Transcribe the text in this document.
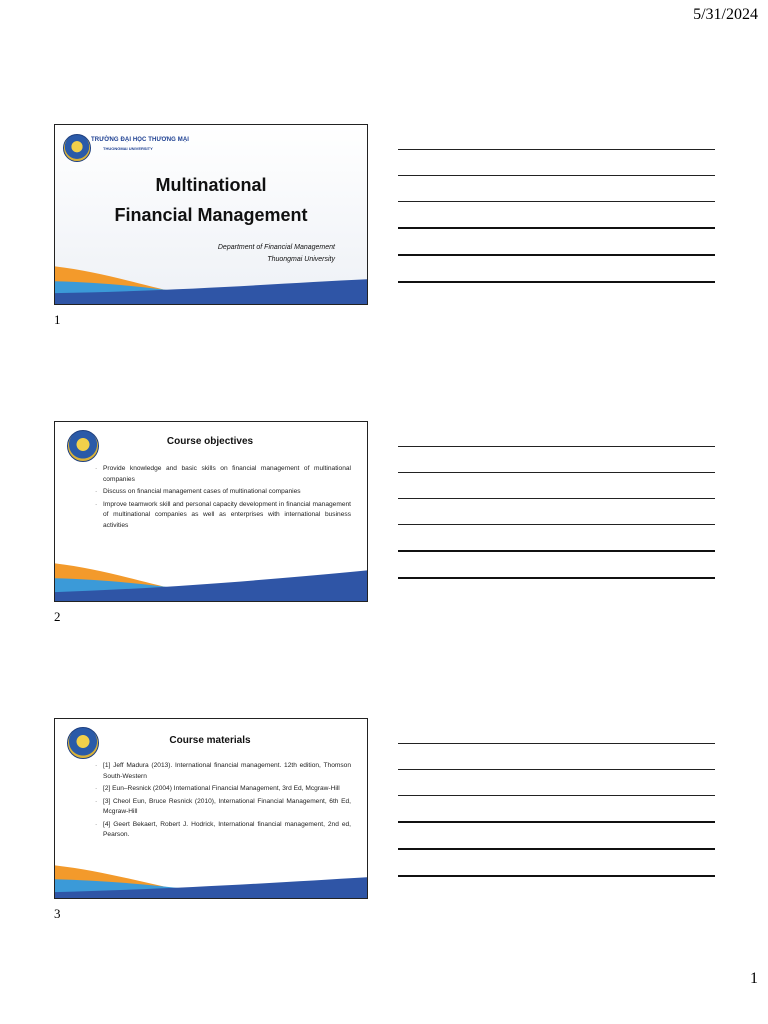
5/31/2024
TRƯỜNG ĐẠI HỌC THƯƠNG MẠI
THUONGMAI UNIVERSITY
Multinational
Financial Management
Department of Financial Management
Thuongmai University
1
Course objectives
· Provide knowledge and basic skills on financial management of multinational companies
· Discuss on financial management cases of multinational companies
· Improve teamwork skill and personal capacity development in financial management of multinational companies as well as enterprises with international business activities
2
Course materials
· [1] Jeff Madura (2013). International financial management. 12th edition, Thomson South-Western
· [2] Eun–Resnick (2004) International Financial Management, 3rd Ed, Mcgraw-Hill
· [3] Cheol Eun, Bruce Resnick (2010), International Financial Management, 6th Ed, Mcgraw-Hill
· [4] Geert Bekaert, Robert J. Hodrick, International financial management, 2nd ed, Pearson.
3
1
